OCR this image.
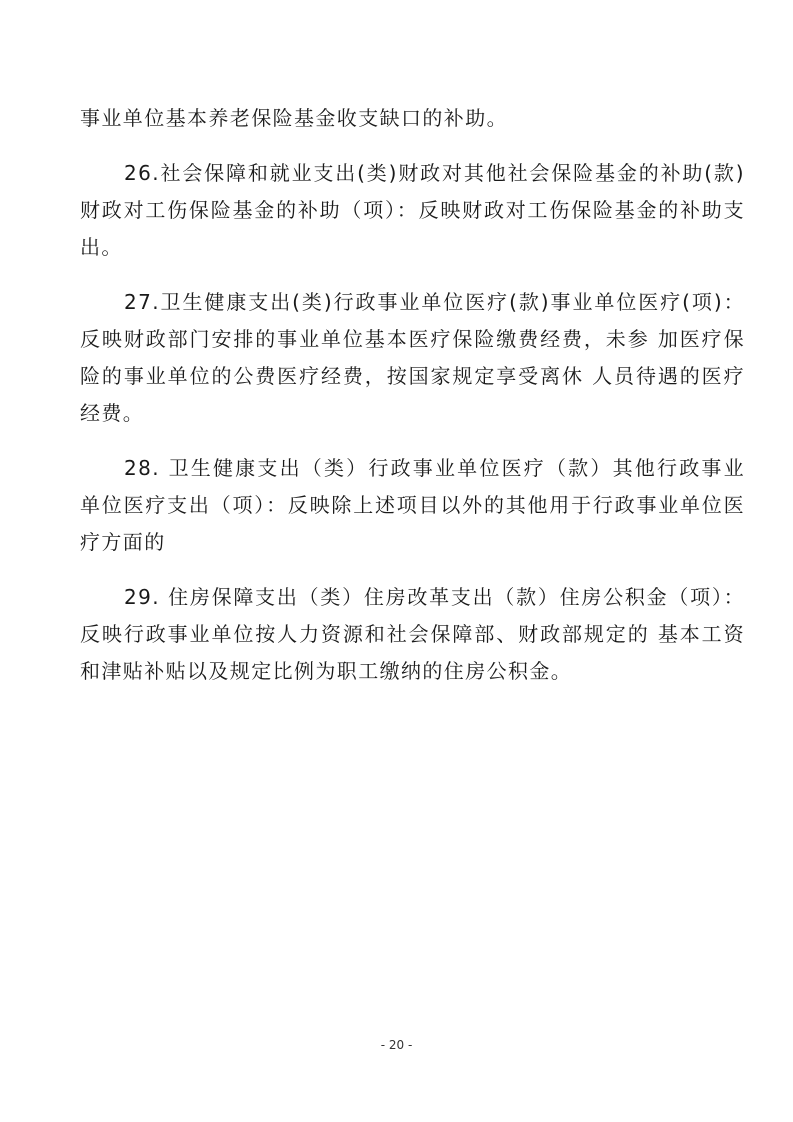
事业单位基本养老保险基金收支缺口的补助。

26.社会保障和就业支出(类)财政对其他社会保险基金的补助(款)财政对工伤保险基金的补助（项）：反映财政对工伤保险基金的补助支出。

27.卫生健康支出(类)行政事业单位医疗(款)事业单位医疗(项)：反映财政部门安排的事业单位基本医疗保险缴费经费，未参 加医疗保险的事业单位的公费医疗经费，按国家规定享受离休 人员待遇的医疗经费。

28. 卫生健康支出（类）行政事业单位医疗（款）其他行政事业单位医疗支出（项）：反映除上述项目以外的其他用于行政事业单位医疗方面的

29. 住房保障支出（类）住房改革支出（款）住房公积金（项）：反映行政事业单位按人力资源和社会保障部、财政部规定的 基本工资和津贴补贴以及规定比例为职工缴纳的住房公积金。

- 20 -
